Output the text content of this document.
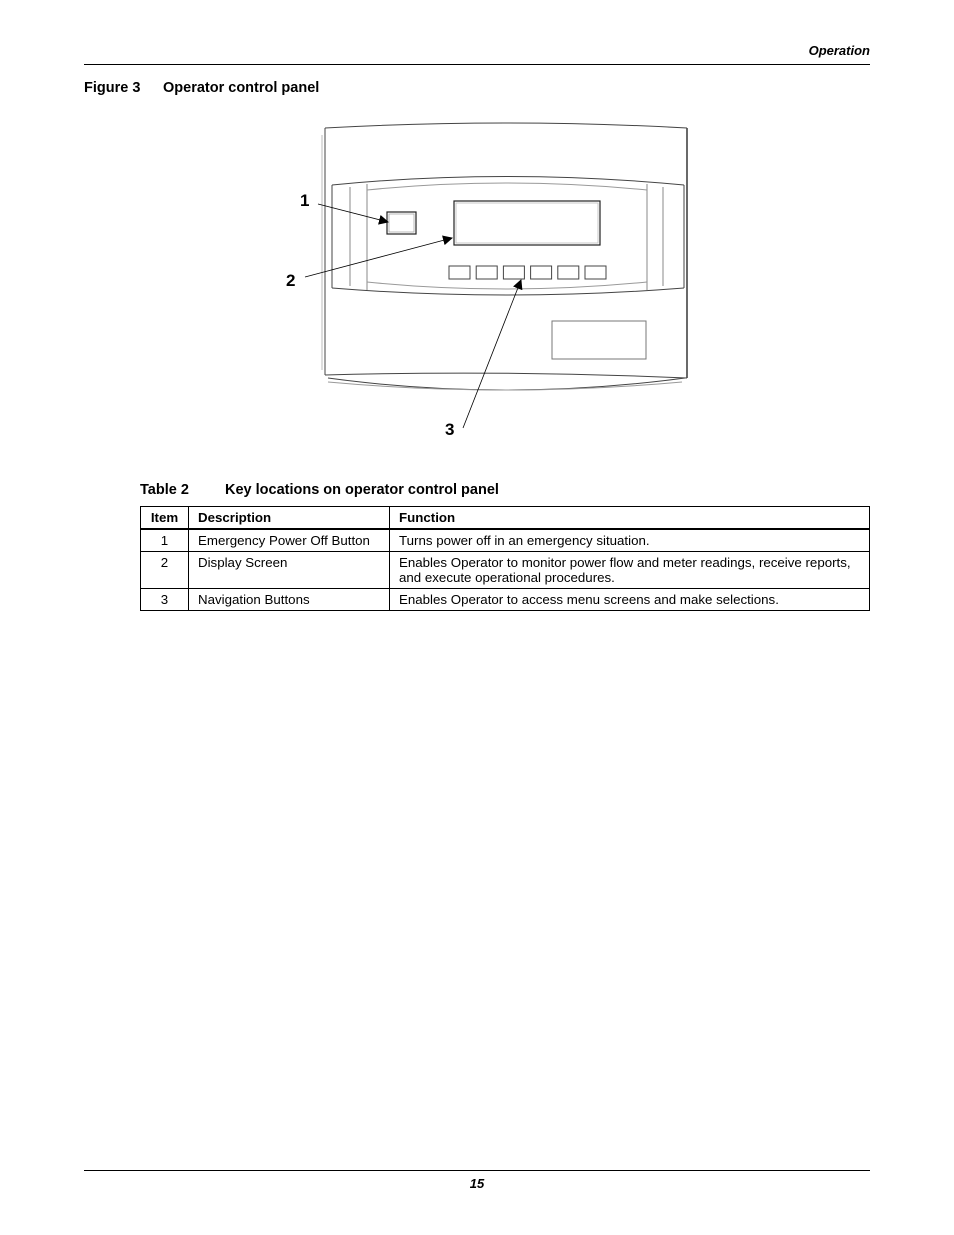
Operation
Figure 3 Operator control panel
1
2
3
Table 2 Key locations on operator control panel
Item	Description	Function
1	Emergency Power Off Button	Turns power off in an emergency situation.
2	Display Screen	Enables Operator to monitor power flow and meter readings, receive reports, and execute operational procedures.
3	Navigation Buttons	Enables Operator to access menu screens and make selections.
15
